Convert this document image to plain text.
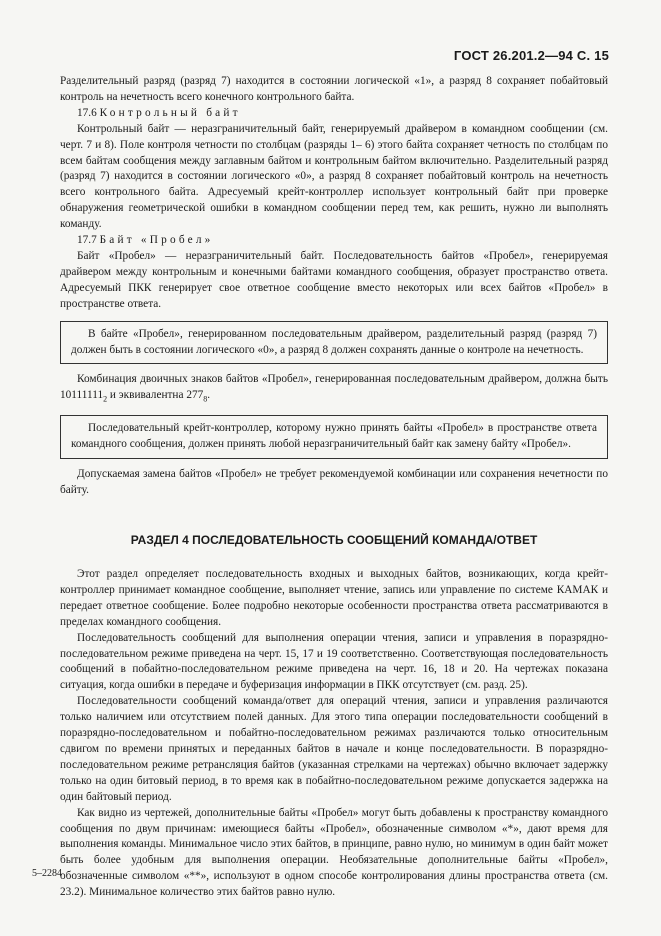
ГОСТ 26.201.2—94 С. 15

Разделительный разряд (разряд 7) находится в состоянии логической «1», а разряд 8 сохраняет побайтовый контроль на нечетность всего конечного контрольного байта.

17.6 Контрольный байт

Контрольный байт — неразграничительный байт, генерируемый драйвером в командном сообщении (см. черт. 7 и 8). Поле контроля четности по столбцам (разряды 1– 6) этого байта сохраняет четность по столбцам по всем байтам сообщения между заглавным байтом и контрольным байтом включительно. Разделительный разряд (разряд 7) находится в состоянии логического «0», а разряд 8 сохраняет побайтовый контроль на нечетность всего контрольного байта. Адресуемый крейт-контроллер использует контрольный байт при проверке обнаружения геометрической ошибки в командном сообщении перед тем, как решить, нужно ли выполнять команду.

17.7 Байт «Пробел»

Байт «Пробел» — неразграничительный байт. Последовательность байтов «Пробел», генерируемая драйвером между контрольным и конечными байтами командного сообщения, образует пространство ответа. Адресуемый ПКК генерирует свое ответное сообщение вместо некоторых или всех байтов «Пробел» в пространстве ответа.

В байте «Пробел», генерированном последовательным драйвером, разделительный разряд (разряд 7) должен быть в состоянии логического «0», а разряд 8 должен сохранять данные о контроле на нечетность.

Комбинация двоичных знаков байтов «Пробел», генерированная последовательным драйвером, должна быть $10111111_2$ и эквивалентна $277_8$.

Последовательный крейт-контроллер, которому нужно принять байты «Пробел» в пространстве ответа командного сообщения, должен принять любой неразграничительный байт как замену байту «Пробел».

Допускаемая замена байтов «Пробел» не требует рекомендуемой комбинации или сохранения нечетности по байту.

РАЗДЕЛ 4 ПОСЛЕДОВАТЕЛЬНОСТЬ СООБЩЕНИЙ КОМАНДА/ОТВЕТ

Этот раздел определяет последовательность входных и выходных байтов, возникающих, когда крейт-контроллер принимает командное сообщение, выполняет чтение, запись или управление по системе КАМАК и передает ответное сообщение. Более подробно некоторые особенности пространства ответа рассматриваются в пределах командного сообщения.

Последовательность сообщений для выполнения операции чтения, записи и управления в поразрядно-последовательном режиме приведена на черт. 15, 17 и 19 соответственно. Соответствующая последовательность сообщений в побайтно-последовательном режиме приведена на черт. 16, 18 и 20. На чертежах показана ситуация, когда ошибки в передаче и буферизация информации в ПКК отсутствует (см. разд. 25).

Последовательности сообщений команда/ответ для операций чтения, записи и управления различаются только наличием или отсутствием полей данных. Для этого типа операции последовательности сообщений в поразрядно-последовательном и побайтно-последовательном режимах различаются только относительным сдвигом по времени принятых и переданных байтов в начале и конце последовательности. В поразрядно-последовательном режиме ретрансляция байтов (указанная стрелками на чертежах) обычно включает задержку только на один битовый период, в то время как в побайтно-последовательном режиме допускается задержка на один байтовый период.

Как видно из чертежей, дополнительные байты «Пробел» могут быть добавлены к пространству командного сообщения по двум причинам: имеющиеся байты «Пробел», обозначенные символом «*», дают время для выполнения команды. Минимальное число этих байтов, в принципе, равно нулю, но минимум в один байт может быть более удобным для выполнения операции. Необязательные дополнительные байты «Пробел», обозначенные символом «**», используют в одном способе контролирования длины пространства ответа (см. 23.2). Минимальное количество этих байтов равно нулю.

5–2284
